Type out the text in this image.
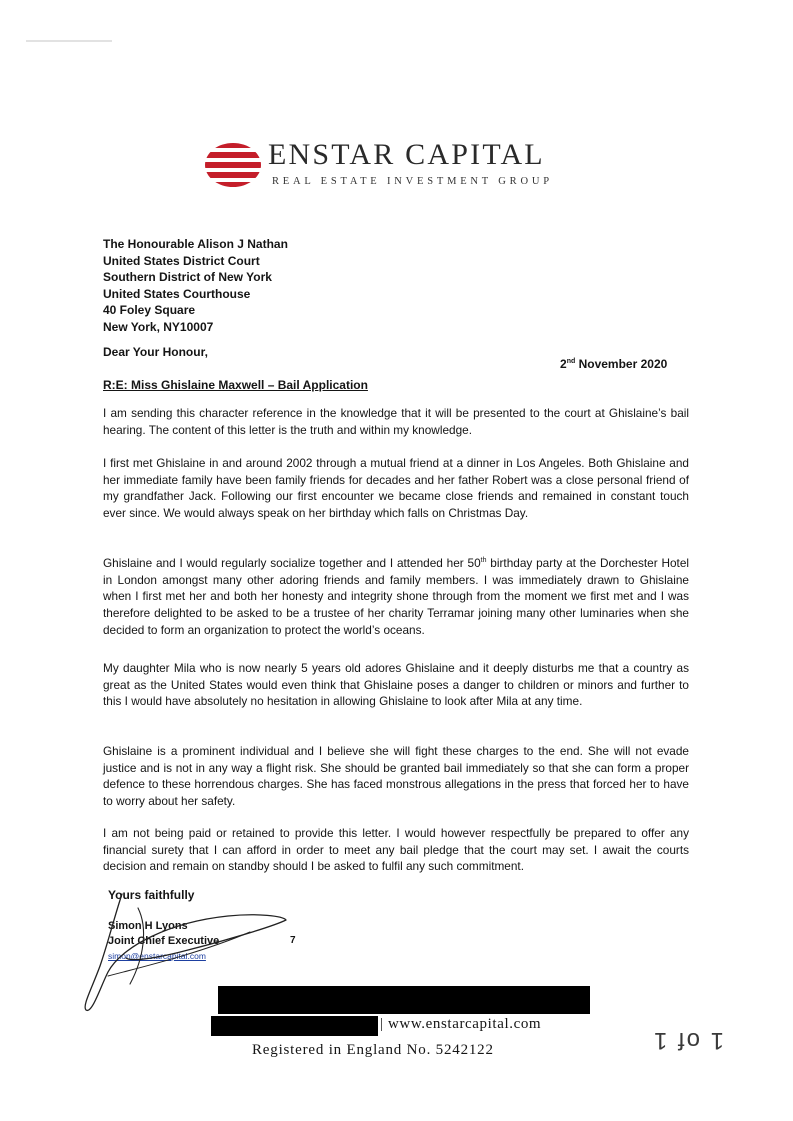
ENSTAR CAPITAL
REAL ESTATE INVESTMENT GROUP
The Honourable Alison J Nathan
United States District Court
Southern District of New York
United States Courthouse
40 Foley Square
New York, NY10007
Dear Your Honour,
2nd November 2020
R:E: Miss Ghislaine Maxwell – Bail Application

I am sending this character reference in the knowledge that it will be presented to the court at Ghislaine’s bail hearing. The content of this letter is the truth and within my knowledge.

I first met Ghislaine in and around 2002 through a mutual friend at a dinner in Los Angeles. Both Ghislaine and her immediate family have been family friends for decades and her father Robert was a close personal friend of my grandfather Jack. Following our first encounter we became close friends and remained in constant touch ever since. We would always speak on her birthday which falls on Christmas Day.

Ghislaine and I would regularly socialize together and I attended her 50th birthday party at the Dorchester Hotel in London amongst many other adoring friends and family members. I was immediately drawn to Ghislaine when I first met her and both her honesty and integrity shone through from the moment we first met and I was therefore delighted to be asked to be a trustee of her charity Terramar joining many other luminaries when she decided to form an organization to protect the world’s oceans.

My daughter Mila who is now nearly 5 years old adores Ghislaine and it deeply disturbs me that a country as great as the United States would even think that Ghislaine poses a danger to children or minors and further to this I would have absolutely no hesitation in allowing Ghislaine to look after Mila at any time.

Ghislaine is a prominent individual and I believe she will fight these charges to the end. She will not evade justice and is not in any way a flight risk. She should be granted bail immediately so that she can form a proper defence to these horrendous charges. She has faced monstrous allegations in the press that forced her to have to worry about her safety.

I am not being paid or retained to provide this letter. I would however respectfully be prepared to offer any financial surety that I can afford in order to meet any bail pledge that the court may set. I await the courts decision and remain on standby should I be asked to fulfil any such commitment.

Yours faithfully
Simon H Lyons
Joint Chief Executive
simon@enstarcapital.com
7
| www.enstarcapital.com
Registered in England No. 5242122	1 of 1
